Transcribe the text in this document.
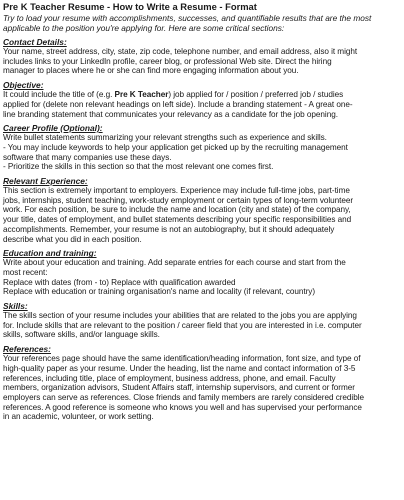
Pre K Teacher Resume - How to Write a Resume - Format
Try to load your resume with accomplishments, successes, and quantifiable results that are the most
applicable to the position you're applying for. Here are some critical sections:
Contact Details:
Your name, street address, city, state, zip code, telephone number, and email address, also it might
includes links to your LinkedIn profile, career blog, or professional Web site. Direct the hiring
manager to places where he or she can find more engaging information about you.
Objective:
It could include the title of (e.g. Pre K Teacher) job applied for / position / preferred job / studies
applied for (delete non relevant headings on left side). Include a branding statement - A great one-
line branding statement that communicates your relevancy as a candidate for the job opening.
Career Profile (Optional):
Write bullet statements summarizing your relevant strengths such as experience and skills.
- You may include keywords to help your application get picked up by the recruiting management
software that many companies use these days.
- Prioritize the skills in this section so that the most relevant one comes first.
Relevant Experience:
This section is extremely important to employers. Experience may include full-time jobs, part-time
jobs, internships, student teaching, work-study employment or certain types of long-term volunteer
work. For each position, be sure to include the name and location (city and state) of the company,
your title, dates of employment, and bullet statements describing your specific responsibilities and
accomplishments. Remember, your resume is not an autobiography, but it should adequately
describe what you did in each position.
Education and training:
Write about your education and training. Add separate entries for each course and start from the
most recent:
Replace with dates (from - to) Replace with qualification awarded
Replace with education or training organisation's name and locality (if relevant, country)
Skills:
The skills section of your resume includes your abilities that are related to the jobs you are applying
for. Include skills that are relevant to the position / career field that you are interested in i.e. computer
skills, software skills, and/or language skills.
References:
Your references page should have the same identification/heading information, font size, and type of
high-quality paper as your resume. Under the heading, list the name and contact information of 3-5
references, including title, place of employment, business address, phone, and email. Faculty
members, organization advisors, Student Affairs staff, internship supervisors, and current or former
employers can serve as references. Close friends and family members are rarely considered credible
references. A good reference is someone who knows you well and has supervised your performance
in an academic, volunteer, or work setting.
